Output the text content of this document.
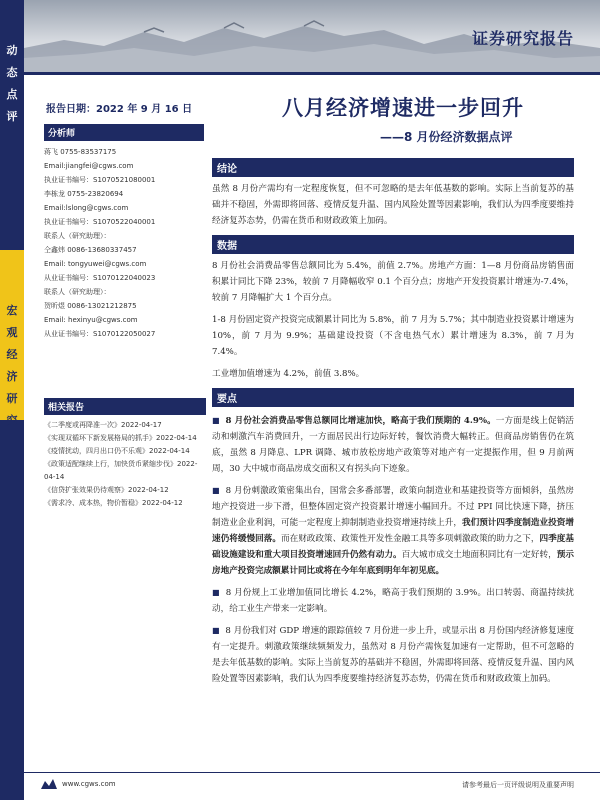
动态点评
宏观经济研究
证券研究报告
报告日期：2022 年 9 月 16 日	八月经济增速进一步回升
——8 月份经济数据点评
分析师
蒋飞 0755-83537175
Email:jiangfei@cgws.com
执业证书编号：S1070521080001
李栋龙 0755-23820694
Email:lslong@cgws.com
执业证书编号：S1070522040001
联系人（研究助理）：
仝鑫炜 0086-13680337457
Email: tongyuwei@cgws.com
从业证书编号：S1070122040023
联系人（研究助理）：
贺昕煜 0086-13021212875
Email: hexinyu@cgws.com
从业证书编号：S1070122050027
相关报告
《二季度或再降准一次》2022-04-17
《实现双循环下新发展格局的抓手》2022-04-14
《疫情扰动，四月出口仍不乐观》2022-04-14
《政策适配继续上行，加快货币紧缩步伐》2022-04-14
《信贷扩张效果仍待观察》2022-04-12
《需求冷、成本热，物价暂稳》2022-04-12
结论

虽然 8 月份产需均有一定程度恢复，但不可忽略的是去年低基数的影响。实际上当前复苏的基础并不稳固，外需即将回落、疫情反复升温、国内风险处置等因素影响，我们认为四季度要维持经济复苏态势，仍需在货币和财政政策上加码。

数据

8 月份社会消费品零售总额同比为 5.4%，前值 2.7%。房地产方面：1—8 月份商品房销售面积累计同比下降 23%，较前 7 月降幅收窄 0.1 个百分点；房地产开发投资累计增速为-7.4%，较前 7 月降幅扩大 1 个百分点。

1-8 月份固定资产投资完成额累计同比为 5.8%，前 7 月为 5.7%；其中制造业投资累计增速为 10%，前 7 月为 9.9%；基础建设投资（不含电热气水）累计增速为 8.3%，前 7 月为 7.4%。

工业增加值增速为 4.2%，前值 3.8%。

要点

■ 8 月份社会消费品零售总额同比增速加快，略高于我们预期的 4.9%。一方面是线上促销活动和刺激汽车消费回升，一方面居民出行边际好转，餐饮消费大幅转正。但商品房销售仍在筑底，虽然 8 月降息、LPR 调降、城市放松房地产政策等对地产有一定提振作用，但 9 月前两周，30 大中城市商品房成交面积又有拐头向下迹象。

■ 8 月份刺激政策密集出台，国常会多番部署，政策向制造业和基建投资等方面倾斜，虽然房地产投资进一步下滑，但整体固定资产投资累计增速小幅回升。不过 PPI 同比快速下降，挤压制造业企业利润，可能一定程度上抑制制造业投资增速持续上升，我们预计四季度制造业投资增速仍将缓慢回落。而在财政政策、政策性开发性金融工具等多项刺激政策的助力之下，四季度基础设施建设和重大项目投资增速回升仍然有动力。百大城市成交土地面积同比有一定好转，预示房地产投资完成额累计同比或将在今年年底到明年年初见底。

■ 8 月份规上工业增加值同比增长 4.2%，略高于我们预期的 3.9%。出口转弱、商温持续扰动，给工业生产带来一定影响。

■ 8 月份我们对 GDP 增速的跟踪值较 7 月份进一步上升，或显示出 8 月份国内经济修复速度有一定提升。刺激政策继续频频发力，虽然对 8 月份产需恢复加速有一定帮助，但不可忽略的是去年低基数的影响。实际上当前复苏的基础并不稳固，外需即将回落、疫情反复升温、国内风险处置等因素影响，我们认为四季度要维持经济复苏态势，仍需在货币和财政政策上加码。

www.cgws.com	请参考最后一页评级说明及重要声明
